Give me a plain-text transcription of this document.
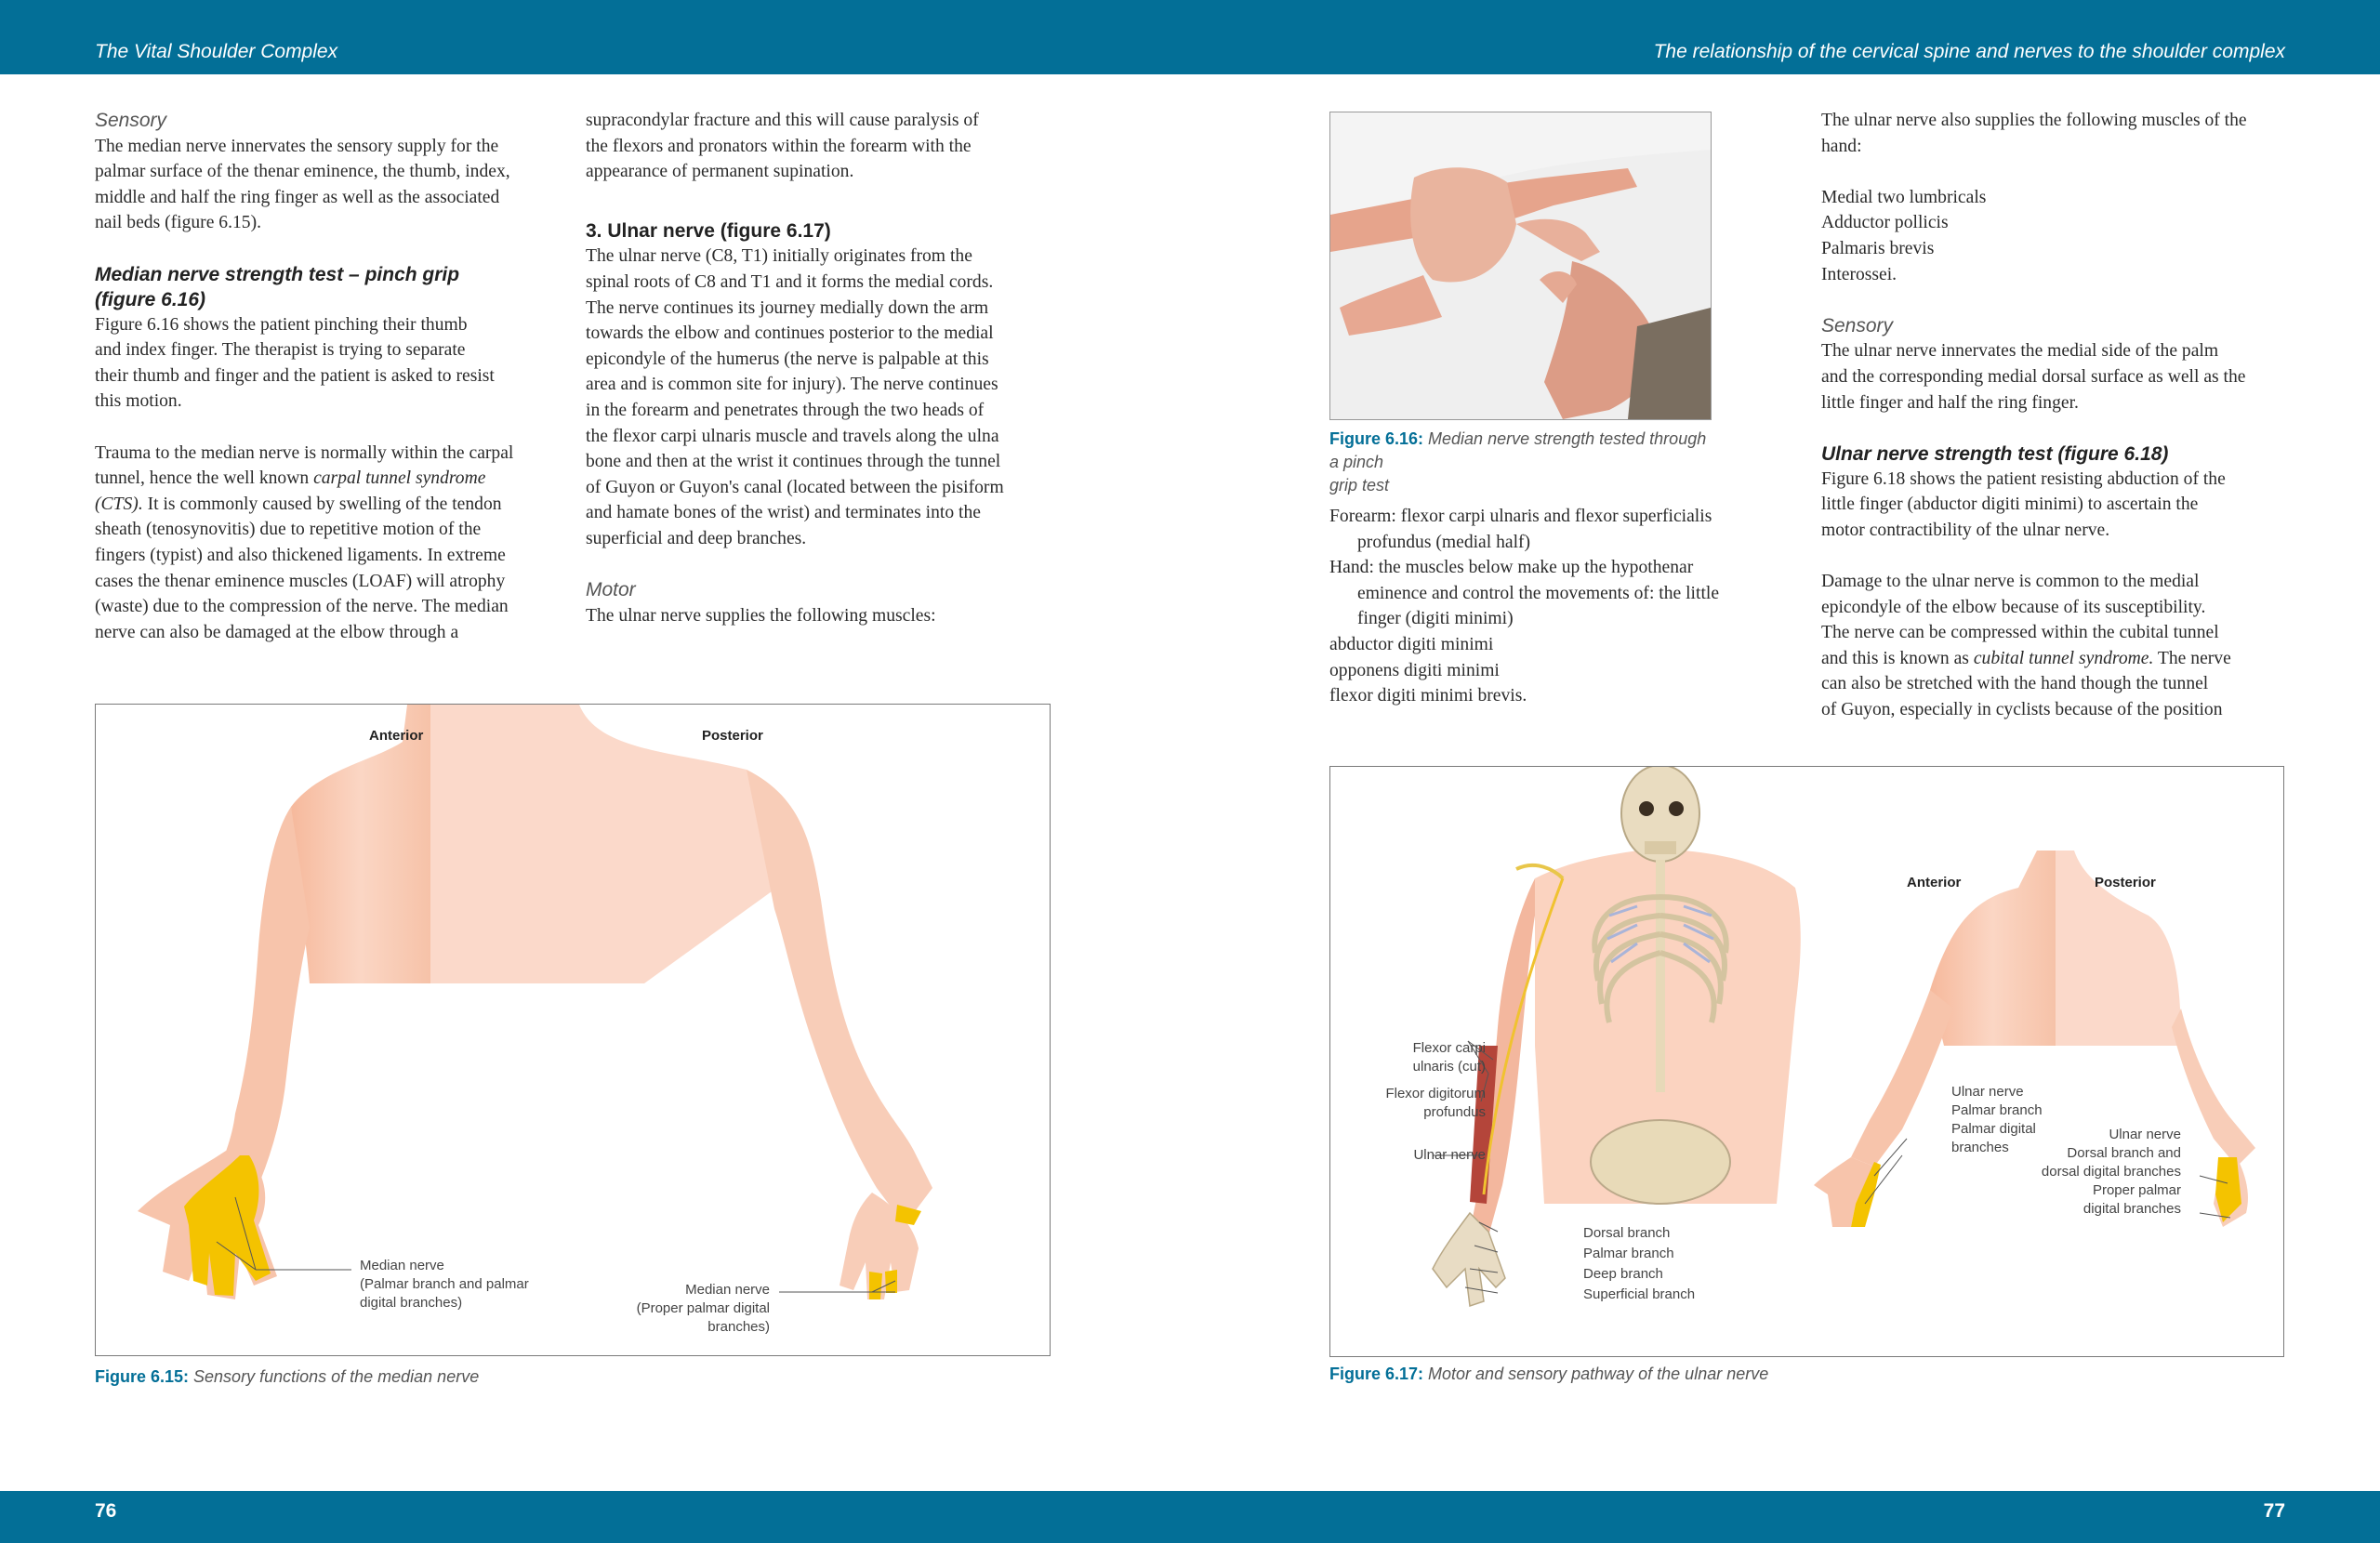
The Vital Shoulder Complex	The relationship of the cervical spine and nerves to the shoulder complex
76	77

Sensory

The median nerve innervates the sensory supply for the

palmar surface of the thenar eminence, the thumb, index,

middle and half the ring finger as well as the associated

nail beds (figure 6.15).

Median nerve strength test – pinch grip

(figure 6.16)

Figure 6.16 shows the patient pinching their thumb

and index finger. The therapist is trying to separate

their thumb and finger and the patient is asked to resist

this motion.

Trauma to the median nerve is normally within the carpal

tunnel, hence the well known carpal tunnel syndrome

(CTS). It is commonly caused by swelling of the tendon

sheath (tenosynovitis) due to repetitive motion of the

fingers (typist) and also thickened ligaments. In extreme

cases the thenar eminence muscles (LOAF) will atrophy

(waste) due to the compression of the nerve. The median

nerve can also be damaged at the elbow through a

supracondylar fracture and this will cause paralysis of

the flexors and pronators within the forearm with the

appearance of permanent supination.

3. Ulnar nerve (figure 6.17)

The ulnar nerve (C8, T1) initially originates from the

spinal roots of C8 and T1 and it forms the medial cords.

The nerve continues its journey medially down the arm

towards the elbow and continues posterior to the medial

epicondyle of the humerus (the nerve is palpable at this

area and is common site for injury). The nerve continues

in the forearm and penetrates through the two heads of

the flexor carpi ulnaris muscle and travels along the ulna

bone and then at the wrist it continues through the tunnel

of Guyon or Guyon's canal (located between the pisiform

and hamate bones of the wrist) and terminates into the

superficial and deep branches.

Motor

The ulnar nerve supplies the following muscles:

Anterior	Posterior
Median nerve
(Palmar branch and palmar
digital branches)
Median nerve
(Proper palmar digital
branches)
Figure 6.15: Sensory functions of the median nerve
Figure 6.16: Median nerve strength tested through a pinch
grip test

Forearm: flexor carpi ulnaris and flexor superficialis

profundus (medial half)

Hand: the muscles below make up the hypothenar

eminence and control the movements of: the little

finger (digiti minimi)

abductor digiti minimi

opponens digiti minimi

flexor digiti minimi brevis.

The ulnar nerve also supplies the following muscles of the

hand:

Medial two lumbricals

Adductor pollicis

Palmaris brevis

Interossei.

Sensory

The ulnar nerve innervates the medial side of the palm

and the corresponding medial dorsal surface as well as the

little finger and half the ring finger.

Ulnar nerve strength test (figure 6.18)

Figure 6.18 shows the patient resisting abduction of the

little finger (abductor digiti minimi) to ascertain the

motor contractibility of the ulnar nerve.

Damage to the ulnar nerve is common to the medial

epicondyle of the elbow because of its susceptibility.

The nerve can be compressed within the cubital tunnel

and this is known as cubital tunnel syndrome. The nerve

can also be stretched with the hand though the tunnel

of Guyon, especially in cyclists because of the position

Flexor carpi
ulnaris (cut)
Flexor digitorum
profundus
Ulnar nerve
Dorsal branch
Palmar branch
Deep branch
Superficial branch
Anterior	Posterior
Ulnar nerve
Palmar branch
Palmar digital
branches
Ulnar nerve
Dorsal branch and
dorsal digital branches
Proper palmar
digital branches
Figure 6.17: Motor and sensory pathway of the ulnar nerve
